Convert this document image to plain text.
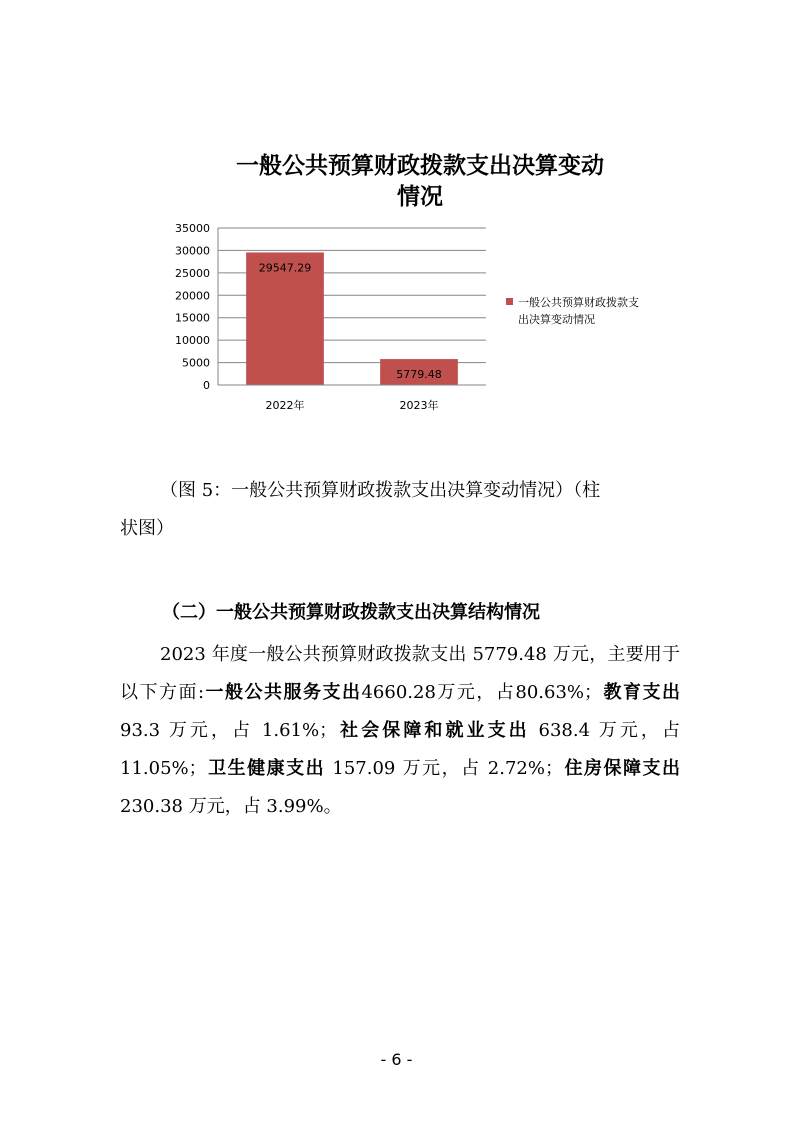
一般公共预算财政拨款支出决算变动
情况
0
5000
10000
15000
20000
25000
30000
35000
29547.29
2022年
5779.48
2023年
一般公共预算财政拨款支
出决算变动情况

（图 5：一般公共预算财政拨款支出决算变动情况）（柱

状图）

（二）一般公共预算财政拨款支出决算结构情况

2023 年度一般公共预算财政拨款支出 5779.48 万元，主要用于以下方面:一般公共服务支出4660.28万元，占80.63%；教育支出 93.3 万元，占 1.61%；社会保障和就业支出 638.4 万元，占 11.05%；卫生健康支出 157.09 万元，占 2.72%；住房保障支出 230.38 万元，占 3.99%。

- 6 -
